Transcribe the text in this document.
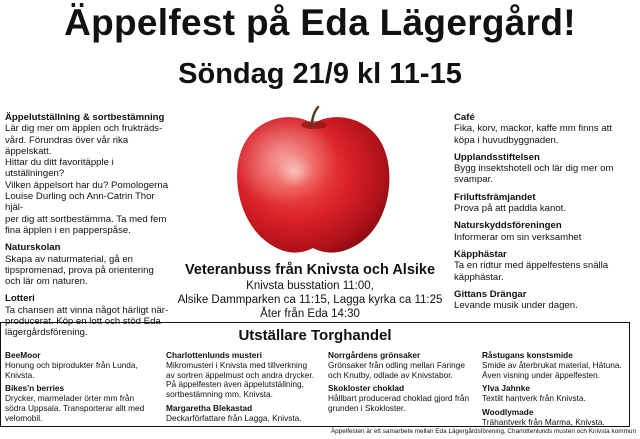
Äppelfest på Eda Lägergård!
Söndag 21/9 kl 11-15
Äppelutställning & sortbestämning

Lär dig mer om äpplen och frukträds-

vård. Förundras över vår rika äppelskatt.

Hittar du ditt favoritäpple i utställningen?

Vilken äppelsort har du? Pomologerna

Louise Durling och Ann-Catrin Thor hjäl-

per dig att sortbestämma. Ta med fem

fina äpplen i en papperspåse.

Naturskolan

Skapa av naturmaterial, gå en

tipspromenad, prova på orientering

och lär om naturen.

Lotteri

Ta chansen att vinna något härligt när-

producerat. Köp en lott och stöd Eda

lägergårdsförening.

Café

Fika, korv, mackor, kaffe mm finns att

köpa i huvudbyggnaden.

Upplandsstiftelsen

Bygg insektshotell och lär dig mer om

svampar.

Friluftsfrämjandet

Prova på att paddla kanot.

Naturskyddsföreningen

Informerar om sin verksamhet

Käpphästar

Ta en ridtur med äppelfestens snälla

käpphästar.

Gittans Drängar

Levande musik under dagen.

Veteranbuss från Knivsta och Alsike
Knivsta busstation 11:00,
Alsike Dammparken ca 11:15, Lagga kyrka ca 11:25
Åter från Eda 14:30
Utställare Torghandel
BeeMoor
Honung och biprodukter från Lunda,
Knivsta.
Bikes'n berries
Drycker, marmelader örter mm från
södra Uppsala. Transporterar allt med
velomobil.
Charlottenlunds musteri
Mikromusteri i Knivsta med tillverkning
av sortren äppelmust och andra drycker.
På äppelfesten även äppelutställning,
sortbestämning mm. Knivsta.
Margaretha Blekastad
Deckarförfattare från Lagga, Knivsta.
Norrgårdens grönsaker
Grönsaker från odling mellan Faringe
och Knutby, odlade av Knivstabor.
Skokloster choklad
Hållbart producerad choklad gjord från
grunden i Skokloster.
Råstugans konstsmide
Smide av återbrukat material, Hätuna.
Även visning under äppelfesten.
Ylva Jahnke
Textilt hantverk från Knivsta.
Woodlymade
Trähantverk från Marma, Knivsta.
Äppelfesten är ett samarbete mellan Eda Lägergårdsförening, Charlottenlunds musteri och Knivsta kommun
